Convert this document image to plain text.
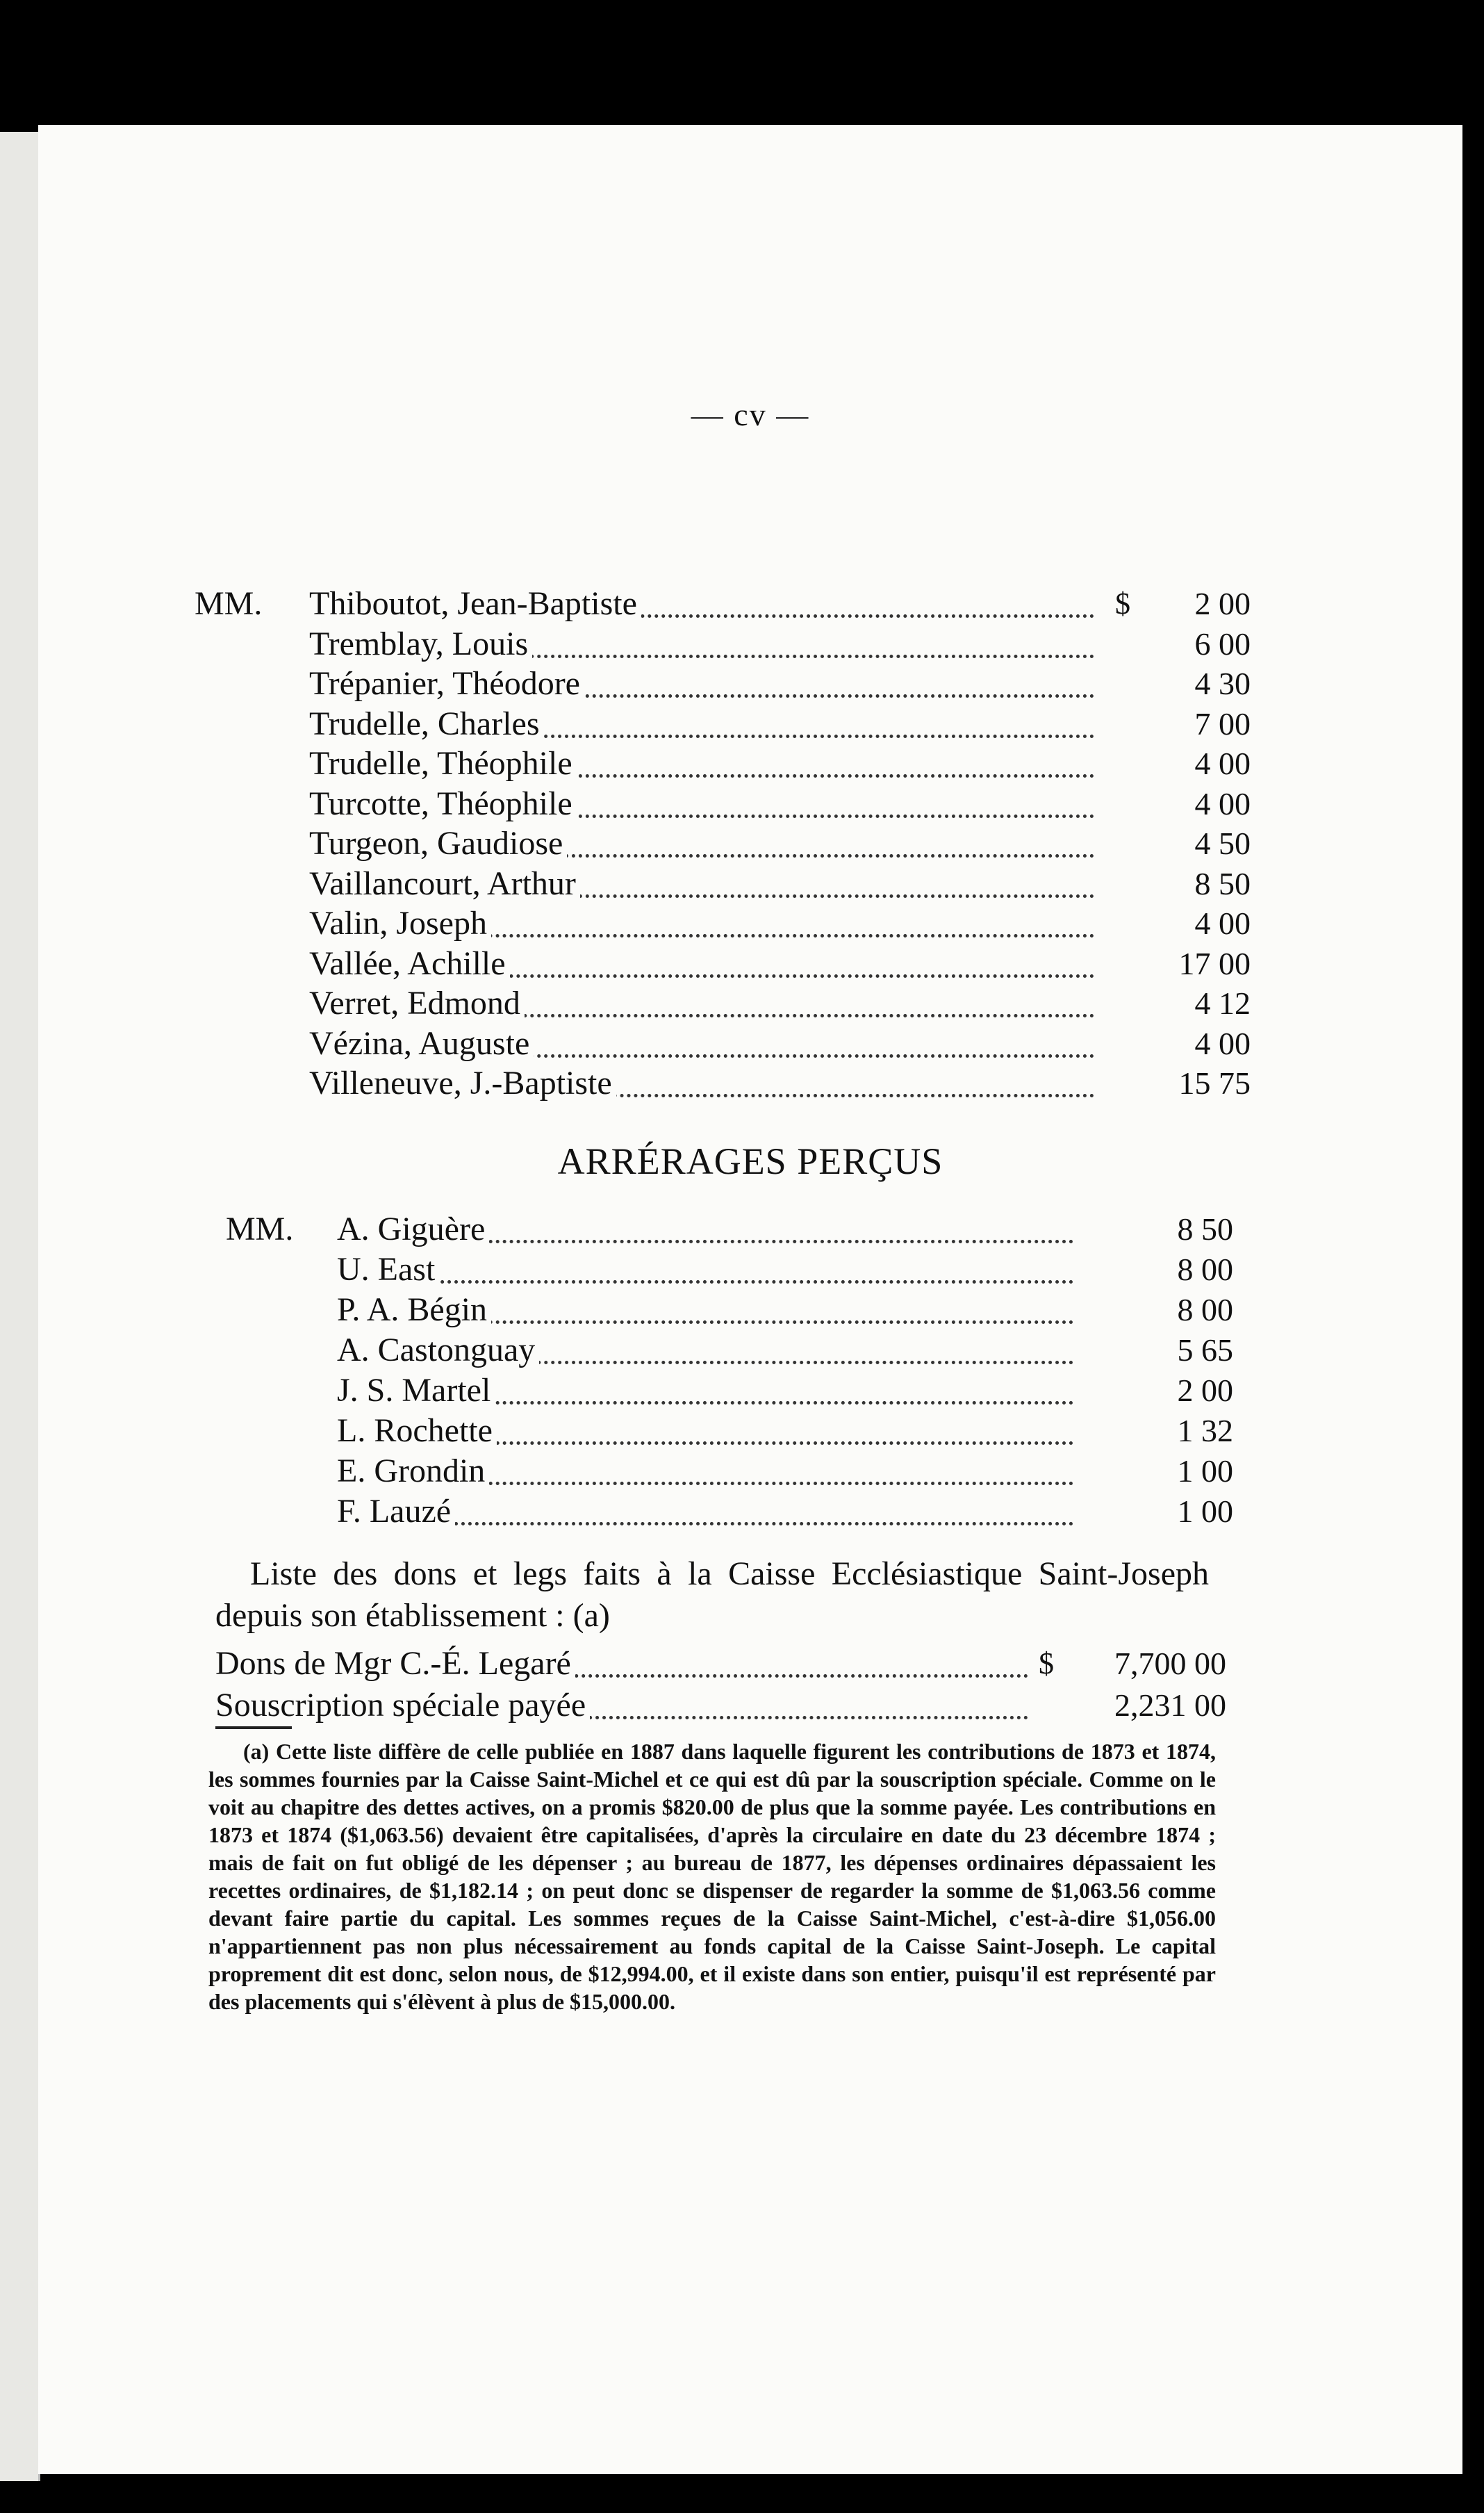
— cv —
MM. Thiboutot, Jean-Baptiste	$	2 00
Tremblay, Louis	6 00
Trépanier, Théodore	4 30
Trudelle, Charles	7 00
Trudelle, Théophile	4 00
Turcotte, Théophile	4 00
Turgeon, Gaudiose	4 50
Vaillancourt, Arthur	8 50
Valin, Joseph	4 00
Vallée, Achille	17 00
Verret, Edmond	4 12
Vézina, Auguste	4 00
Villeneuve, J.-Baptiste	15 75
ARRÉRAGES PERÇUS
MM. A. Giguère	8 50
U. East	8 00
P. A. Bégin	8 00
A. Castonguay	5 65
J. S. Martel	2 00
L. Rochette	1 32
E. Grondin	1 00
F. Lauzé	1 00
Liste des dons et legs faits à la Caisse Ecclésiastique Saint-Joseph depuis son établissement : (a)
Dons de Mgr C.-É. Legaré	$	7,700 00
Souscription spéciale payée	2,231 00
(a) Cette liste diffère de celle publiée en 1887 dans laquelle figurent les contributions de 1873 et 1874, les sommes fournies par la Caisse Saint-Michel et ce qui est dû par la souscription spéciale. Comme on le voit au chapitre des dettes actives, on a promis $820.00 de plus que la somme payée. Les contributions en 1873 et 1874 ($1,063.56) devaient être capitalisées, d'après la circulaire en date du 23 décembre 1874 ; mais de fait on fut obligé de les dépenser ; au bureau de 1877, les dépenses ordinaires dépassaient les recettes ordinaires, de $1,182.14 ; on peut donc se dispenser de regarder la somme de $1,063.56 comme devant faire partie du capital. Les sommes reçues de la Caisse Saint-Michel, c'est-à-dire $1,056.00 n'appartiennent pas non plus nécessairement au fonds capital de la Caisse Saint-Joseph. Le capital proprement dit est donc, selon nous, de $12,994.00, et il existe dans son entier, puisqu'il est représenté par des placements qui s'élèvent à plus de $15,000.00.
